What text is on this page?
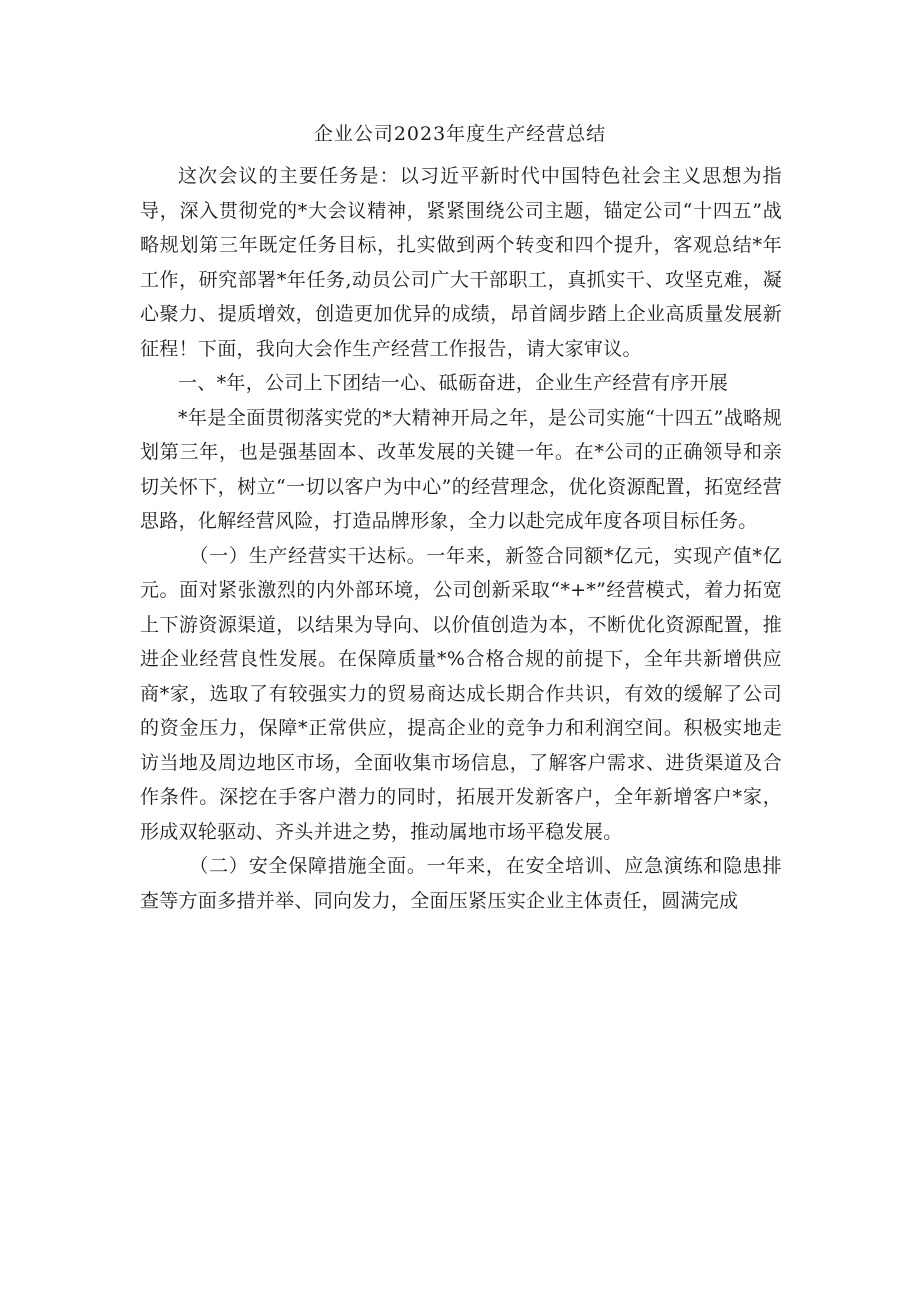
企业公司2023年度生产经营总结

这次会议的主要任务是：以习近平新时代中国特色社会主义思想为指导，深入贯彻党的*大会议精神，紧紧围绕公司主题，锚定公司“十四五”战略规划第三年既定任务目标，扎实做到两个转变和四个提升，客观总结*年工作，研究部署*年任务,动员公司广大干部职工，真抓实干、攻坚克难，凝心聚力、提质增效，创造更加优异的成绩，昂首阔步踏上企业高质量发展新征程！下面，我向大会作生产经营工作报告，请大家审议。

一、*年，公司上下团结一心、砥砺奋进，企业生产经营有序开展

*年是全面贯彻落实党的*大精神开局之年，是公司实施“十四五”战略规划第三年，也是强基固本、改革发展的关键一年。在*公司的正确领导和亲切关怀下，树立“一切以客户为中心”的经营理念，优化资源配置，拓宽经营思路，化解经营风险，打造品牌形象，全力以赴完成年度各项目标任务。

（一）生产经营实干达标。一年来，新签合同额*亿元，实现产值*亿元。面对紧张激烈的内外部环境，公司创新采取“*+*”经营模式，着力拓宽上下游资源渠道，以结果为导向、以价值创造为本，不断优化资源配置，推进企业经营良性发展。在保障质量*%合格合规的前提下，全年共新增供应商*家，选取了有较强实力的贸易商达成长期合作共识，有效的缓解了公司的资金压力，保障*正常供应，提高企业的竞争力和利润空间。积极实地走访当地及周边地区市场，全面收集市场信息，了解客户需求、进货渠道及合作条件。深挖在手客户潜力的同时，拓展开发新客户，全年新增客户*家，形成双轮驱动、齐头并进之势，推动属地市场平稳发展。

（二）安全保障措施全面。一年来，在安全培训、应急演练和隐患排查等方面多措并举、同向发力，全面压紧压实企业主体责任，圆满完成
